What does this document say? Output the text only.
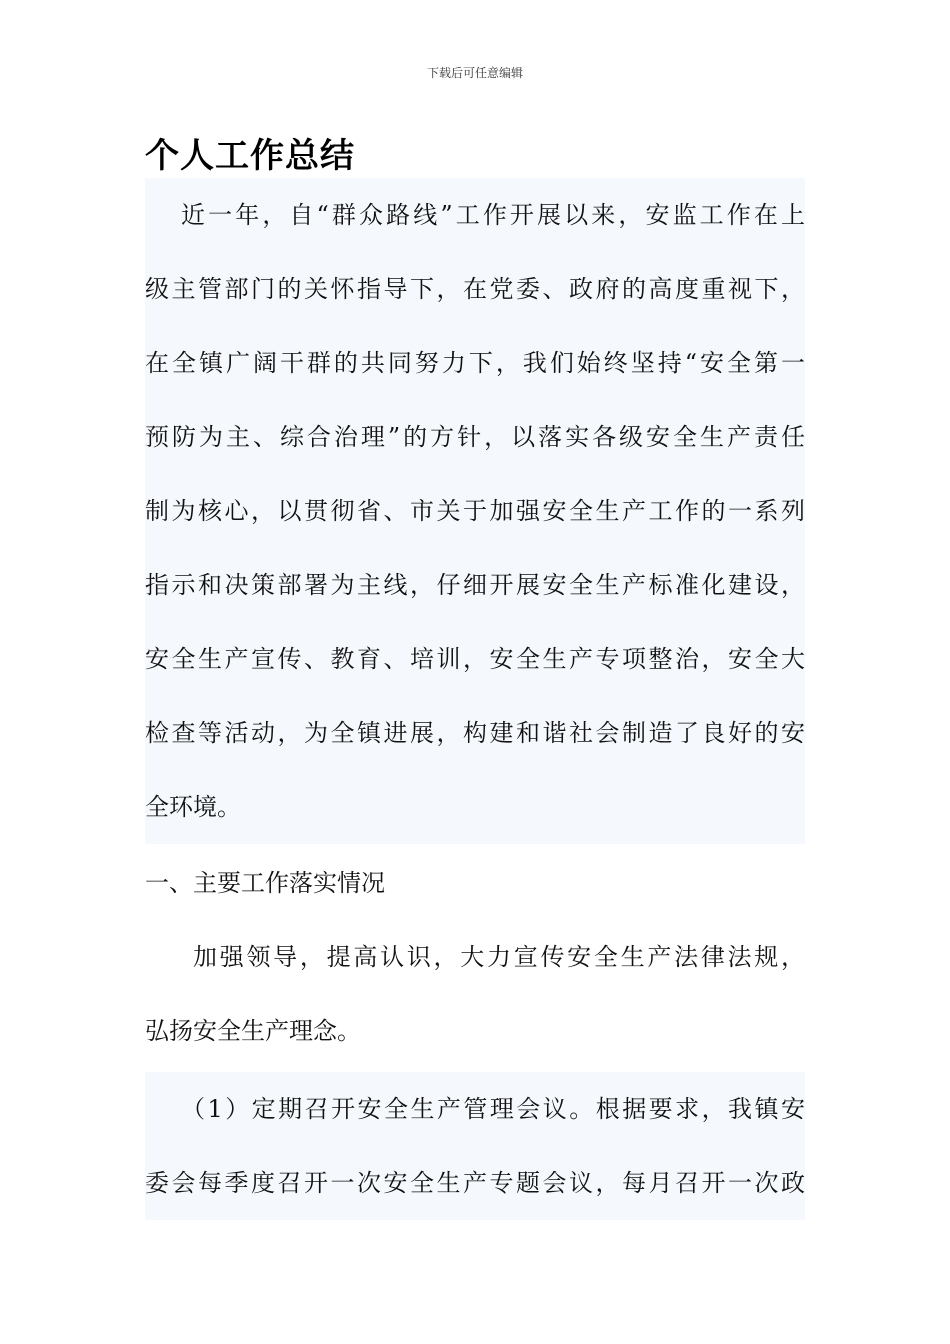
下载后可任意编辑
个人工作总结
近一年，自“群众路线”工作开展以来，安监工作在上
级主管部门的关怀指导下，在党委、政府的高度重视下，
在全镇广阔干群的共同努力下，我们始终坚持“安全第一
预防为主、综合治理”的方针，以落实各级安全生产责任
制为核心，以贯彻省、市关于加强安全生产工作的一系列
指示和决策部署为主线，仔细开展安全生产标准化建设，
安全生产宣传、教育、培训，安全生产专项整治，安全大
检查等活动，为全镇进展，构建和谐社会制造了良好的安
全环境。
一、主要工作落实情况
加强领导，提高认识，大力宣传安全生产法律法规，
弘扬安全生产理念。
（1）定期召开安全生产管理会议。根据要求，我镇安
委会每季度召开一次安全生产专题会议，每月召开一次政
